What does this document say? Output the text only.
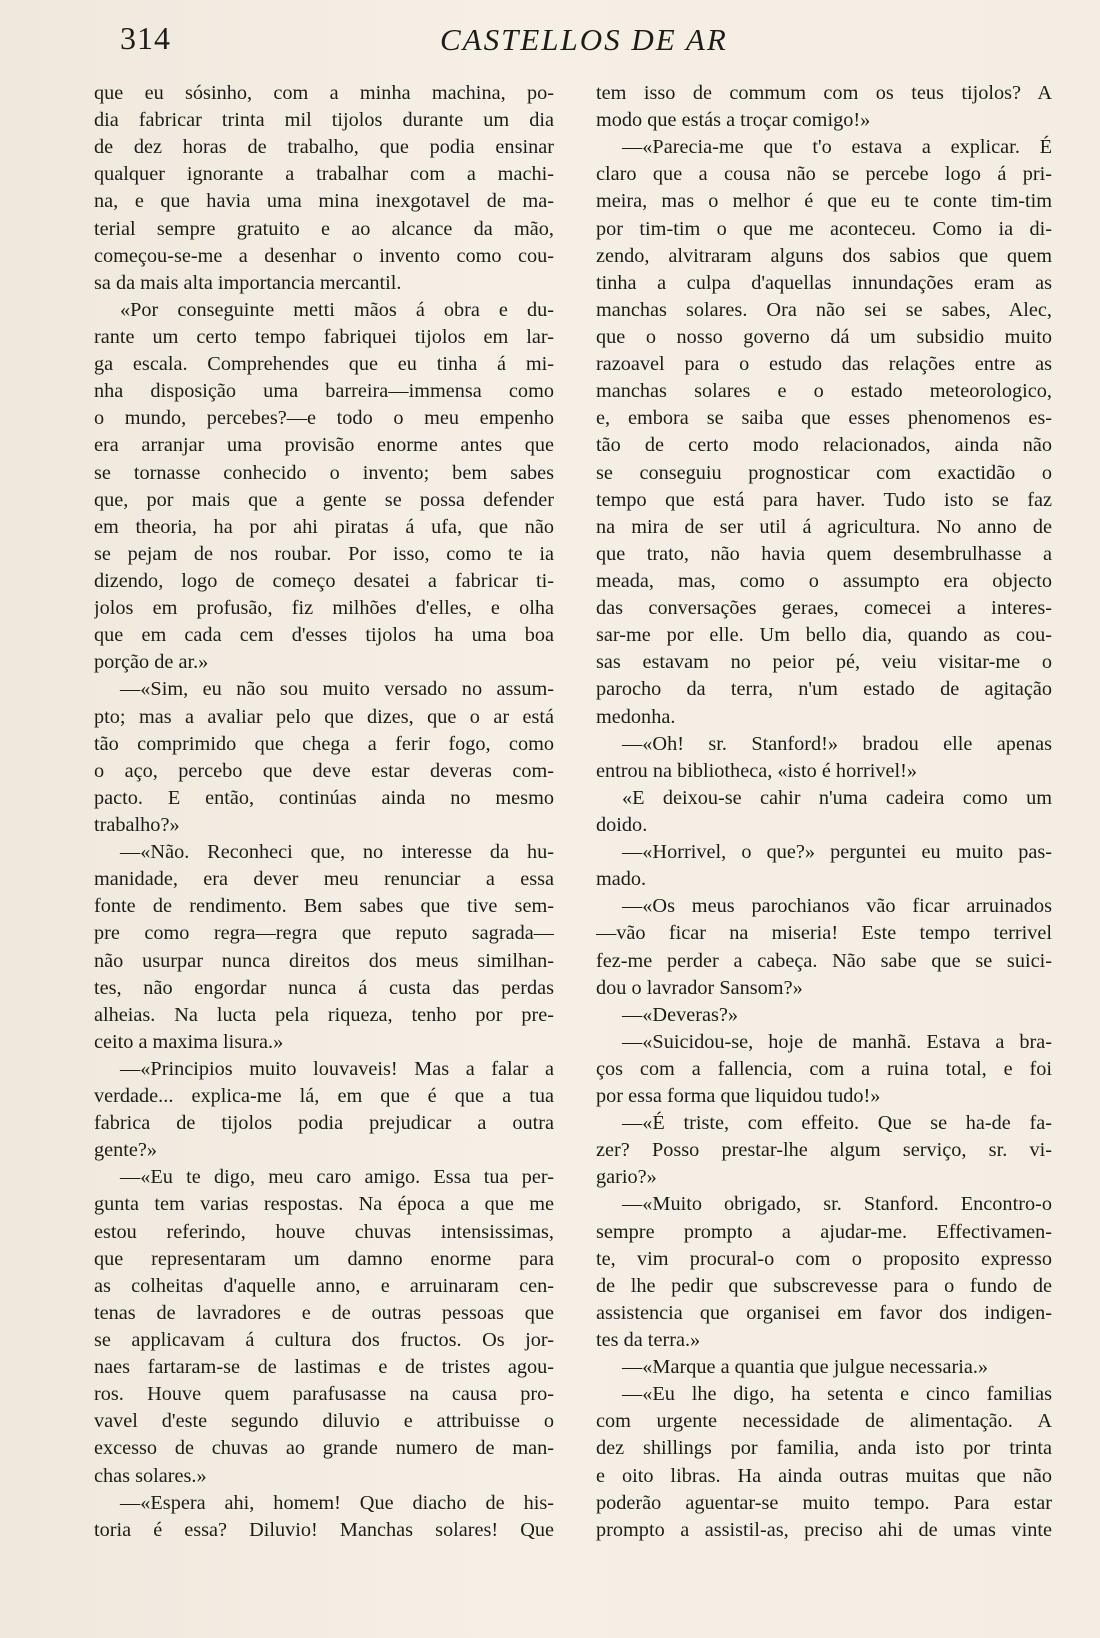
314	CASTELLOS DE AR
que eu sósinho, com a minha machina, po-
dia fabricar trinta mil tijolos durante um dia
de dez horas de trabalho, que podia ensinar
qualquer ignorante a trabalhar com a machi-
na, e que havia uma mina inexgotavel de ma-
terial sempre gratuito e ao alcance da mão,
começou-se-me a desenhar o invento como cou-
sa da mais alta importancia mercantil.
«Por conseguinte metti mãos á obra e du-
rante um certo tempo fabriquei tijolos em lar-
ga escala. Comprehendes que eu tinha á mi-
nha disposição uma barreira—immensa como
o mundo, percebes?—e todo o meu empenho
era arranjar uma provisão enorme antes que
se tornasse conhecido o invento; bem sabes
que, por mais que a gente se possa defender
em theoria, ha por ahi piratas á ufa, que não
se pejam de nos roubar. Por isso, como te ia
dizendo, logo de começo desatei a fabricar ti-
jolos em profusão, fiz milhões d'elles, e olha
que em cada cem d'esses tijolos ha uma boa
porção de ar.»
—«Sim, eu não sou muito versado no assum-
pto; mas a avaliar pelo que dizes, que o ar está
tão comprimido que chega a ferir fogo, como
o aço, percebo que deve estar deveras com-
pacto. E então, continúas ainda no mesmo
trabalho?»
—«Não. Reconheci que, no interesse da hu-
manidade, era dever meu renunciar a essa
fonte de rendimento. Bem sabes que tive sem-
pre como regra—regra que reputo sagrada—
não usurpar nunca direitos dos meus similhan-
tes, não engordar nunca á custa das perdas
alheias. Na lucta pela riqueza, tenho por pre-
ceito a maxima lisura.»
—«Principios muito louvaveis! Mas a falar a
verdade... explica-me lá, em que é que a tua
fabrica de tijolos podia prejudicar a outra
gente?»
—«Eu te digo, meu caro amigo. Essa tua per-
gunta tem varias respostas. Na época a que me
estou referindo, houve chuvas intensissimas,
que representaram um damno enorme para
as colheitas d'aquelle anno, e arruinaram cen-
tenas de lavradores e de outras pessoas que
se applicavam á cultura dos fructos. Os jor-
naes fartaram-se de lastimas e de tristes agou-
ros. Houve quem parafusasse na causa pro-
vavel d'este segundo diluvio e attribuisse o
excesso de chuvas ao grande numero de man-
chas solares.»
—«Espera ahi, homem! Que diacho de his-
toria é essa? Diluvio! Manchas solares! Que
tem isso de commum com os teus tijolos? A
modo que estás a troçar comigo!»
—«Parecia-me que t'o estava a explicar. É
claro que a cousa não se percebe logo á pri-
meira, mas o melhor é que eu te conte tim-tim
por tim-tim o que me aconteceu. Como ia di-
zendo, alvitraram alguns dos sabios que quem
tinha a culpa d'aquellas innundações eram as
manchas solares. Ora não sei se sabes, Alec,
que o nosso governo dá um subsidio muito
razoavel para o estudo das relações entre as
manchas solares e o estado meteorologico,
e, embora se saiba que esses phenomenos es-
tão de certo modo relacionados, ainda não
se conseguiu prognosticar com exactidão o
tempo que está para haver. Tudo isto se faz
na mira de ser util á agricultura. No anno de
que trato, não havia quem desembrulhasse a
meada, mas, como o assumpto era objecto
das conversações geraes, comecei a interes-
sar-me por elle. Um bello dia, quando as cou-
sas estavam no peior pé, veiu visitar-me o
parocho da terra, n'um estado de agitação
medonha.
—«Oh! sr. Stanford!» bradou elle apenas
entrou na bibliotheca, «isto é horrivel!»
«E deixou-se cahir n'uma cadeira como um
doido.
—«Horrivel, o que?» perguntei eu muito pas-
mado.
—«Os meus parochianos vão ficar arruinados
—vão ficar na miseria! Este tempo terrivel
fez-me perder a cabeça. Não sabe que se suici-
dou o lavrador Sansom?»
—«Deveras?»
—«Suicidou-se, hoje de manhã. Estava a bra-
ços com a fallencia, com a ruina total, e foi
por essa forma que liquidou tudo!»
—«É triste, com effeito. Que se ha-de fa-
zer? Posso prestar-lhe algum serviço, sr. vi-
gario?»
—«Muito obrigado, sr. Stanford. Encontro-o
sempre prompto a ajudar-me. Effectivamen-
te, vim procural-o com o proposito expresso
de lhe pedir que subscrevesse para o fundo de
assistencia que organisei em favor dos indigen-
tes da terra.»
—«Marque a quantia que julgue necessaria.»
—«Eu lhe digo, ha setenta e cinco familias
com urgente necessidade de alimentação. A
dez shillings por familia, anda isto por trinta
e oito libras. Ha ainda outras muitas que não
poderão aguentar-se muito tempo. Para estar
prompto a assistil-as, preciso ahi de umas vinte
